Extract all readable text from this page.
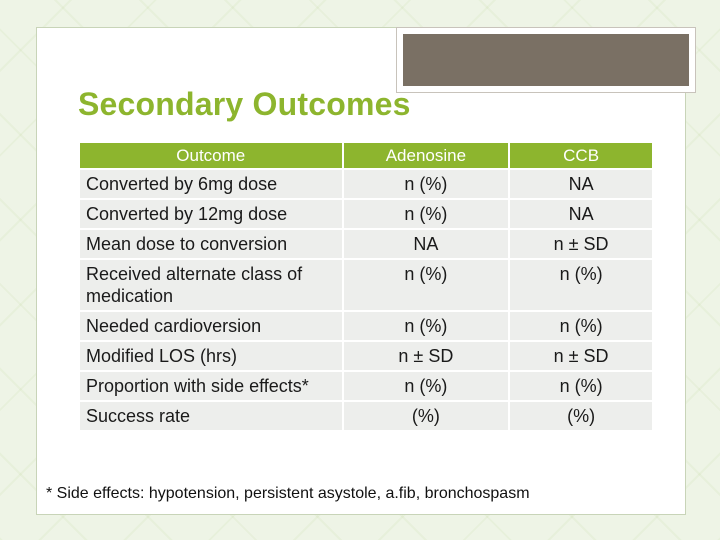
Secondary Outcomes
Outcome	Adenosine	CCB
Converted by 6mg dose	n (%)	NA
Converted by 12mg dose	n (%)	NA
Mean dose to conversion	NA	n ± SD
Received alternate class of medication	n (%)	n (%)
Needed cardioversion	n (%)	n (%)
Modified LOS (hrs)	n ± SD	n ± SD
Proportion with side effects*	n (%)	n (%)
Success rate	(%)	(%)

* Side effects: hypotension, persistent asystole, a.fib, bronchospasm
